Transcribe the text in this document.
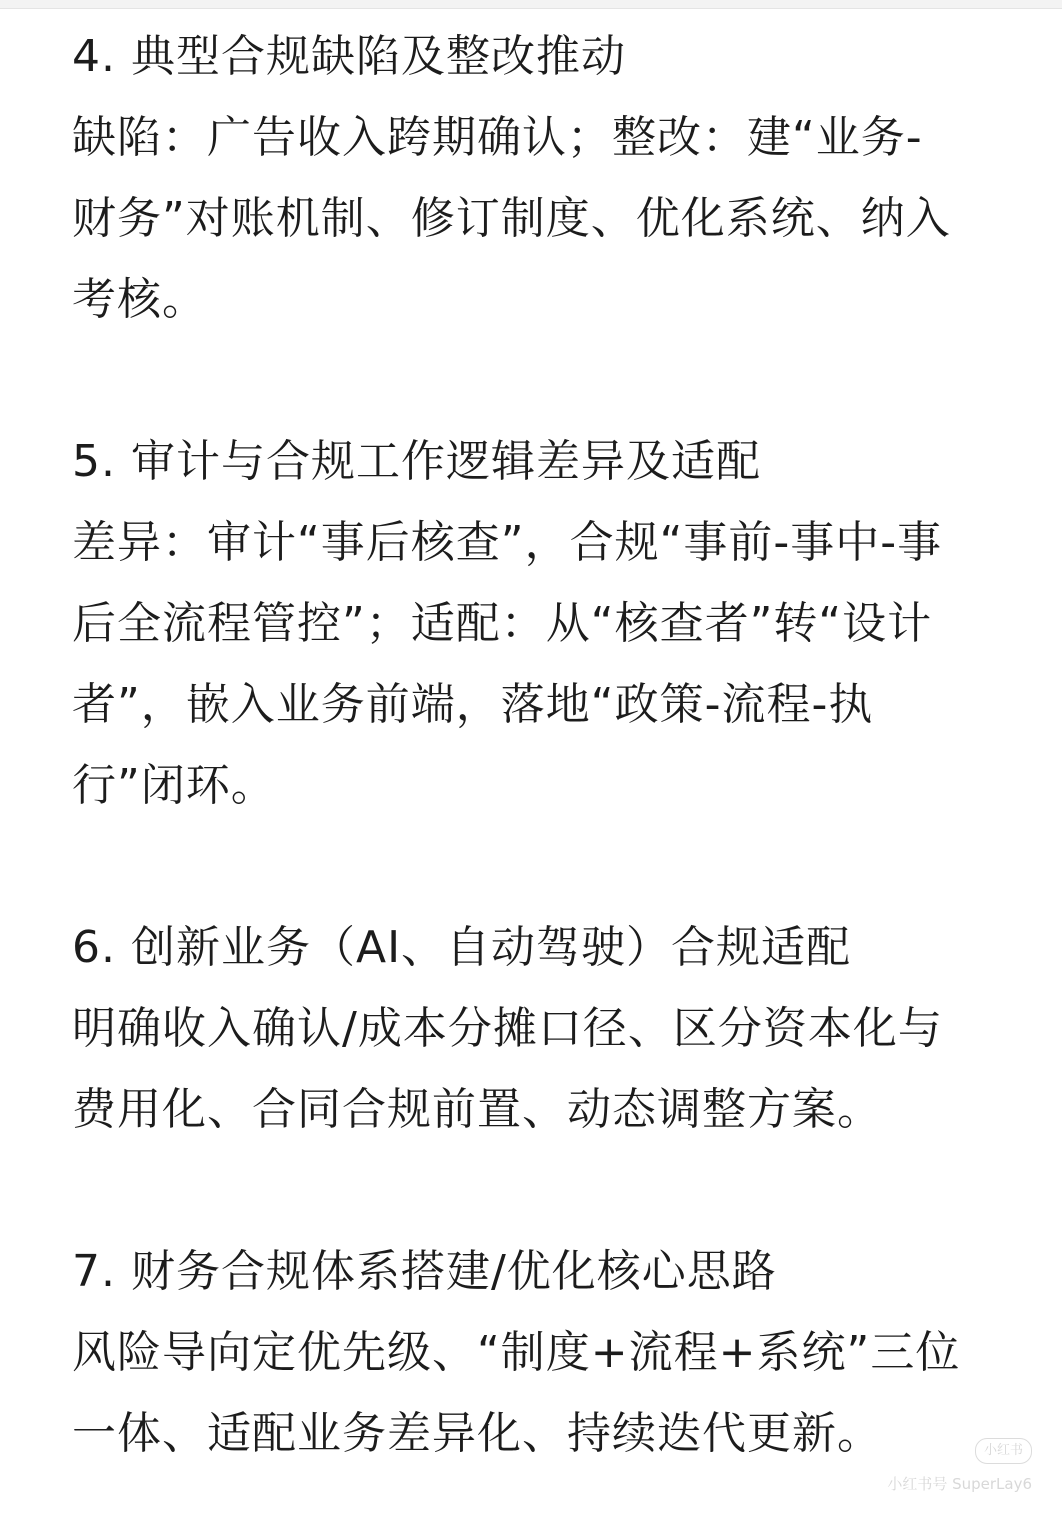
4. 典型合规缺陷及整改推动
缺陷：广告收入跨期确认；整改：建“业务-
财务”对账机制、修订制度、优化系统、纳入
考核。
5. 审计与合规工作逻辑差异及适配
差异：审计“事后核查”，合规“事前-事中-事
后全流程管控”；适配：从“核查者”转“设计
者”，嵌入业务前端，落地“政策-流程-执
行”闭环。
6. 创新业务（AI、自动驾驶）合规适配
明确收入确认/成本分摊口径、区分资本化与
费用化、合同合规前置、动态调整方案。
7. 财务合规体系搭建/优化核心思路
风险导向定优先级、“制度+流程+系统”三位
一体、适配业务差异化、持续迭代更新。	小红书
小红书号 SuperLay6
